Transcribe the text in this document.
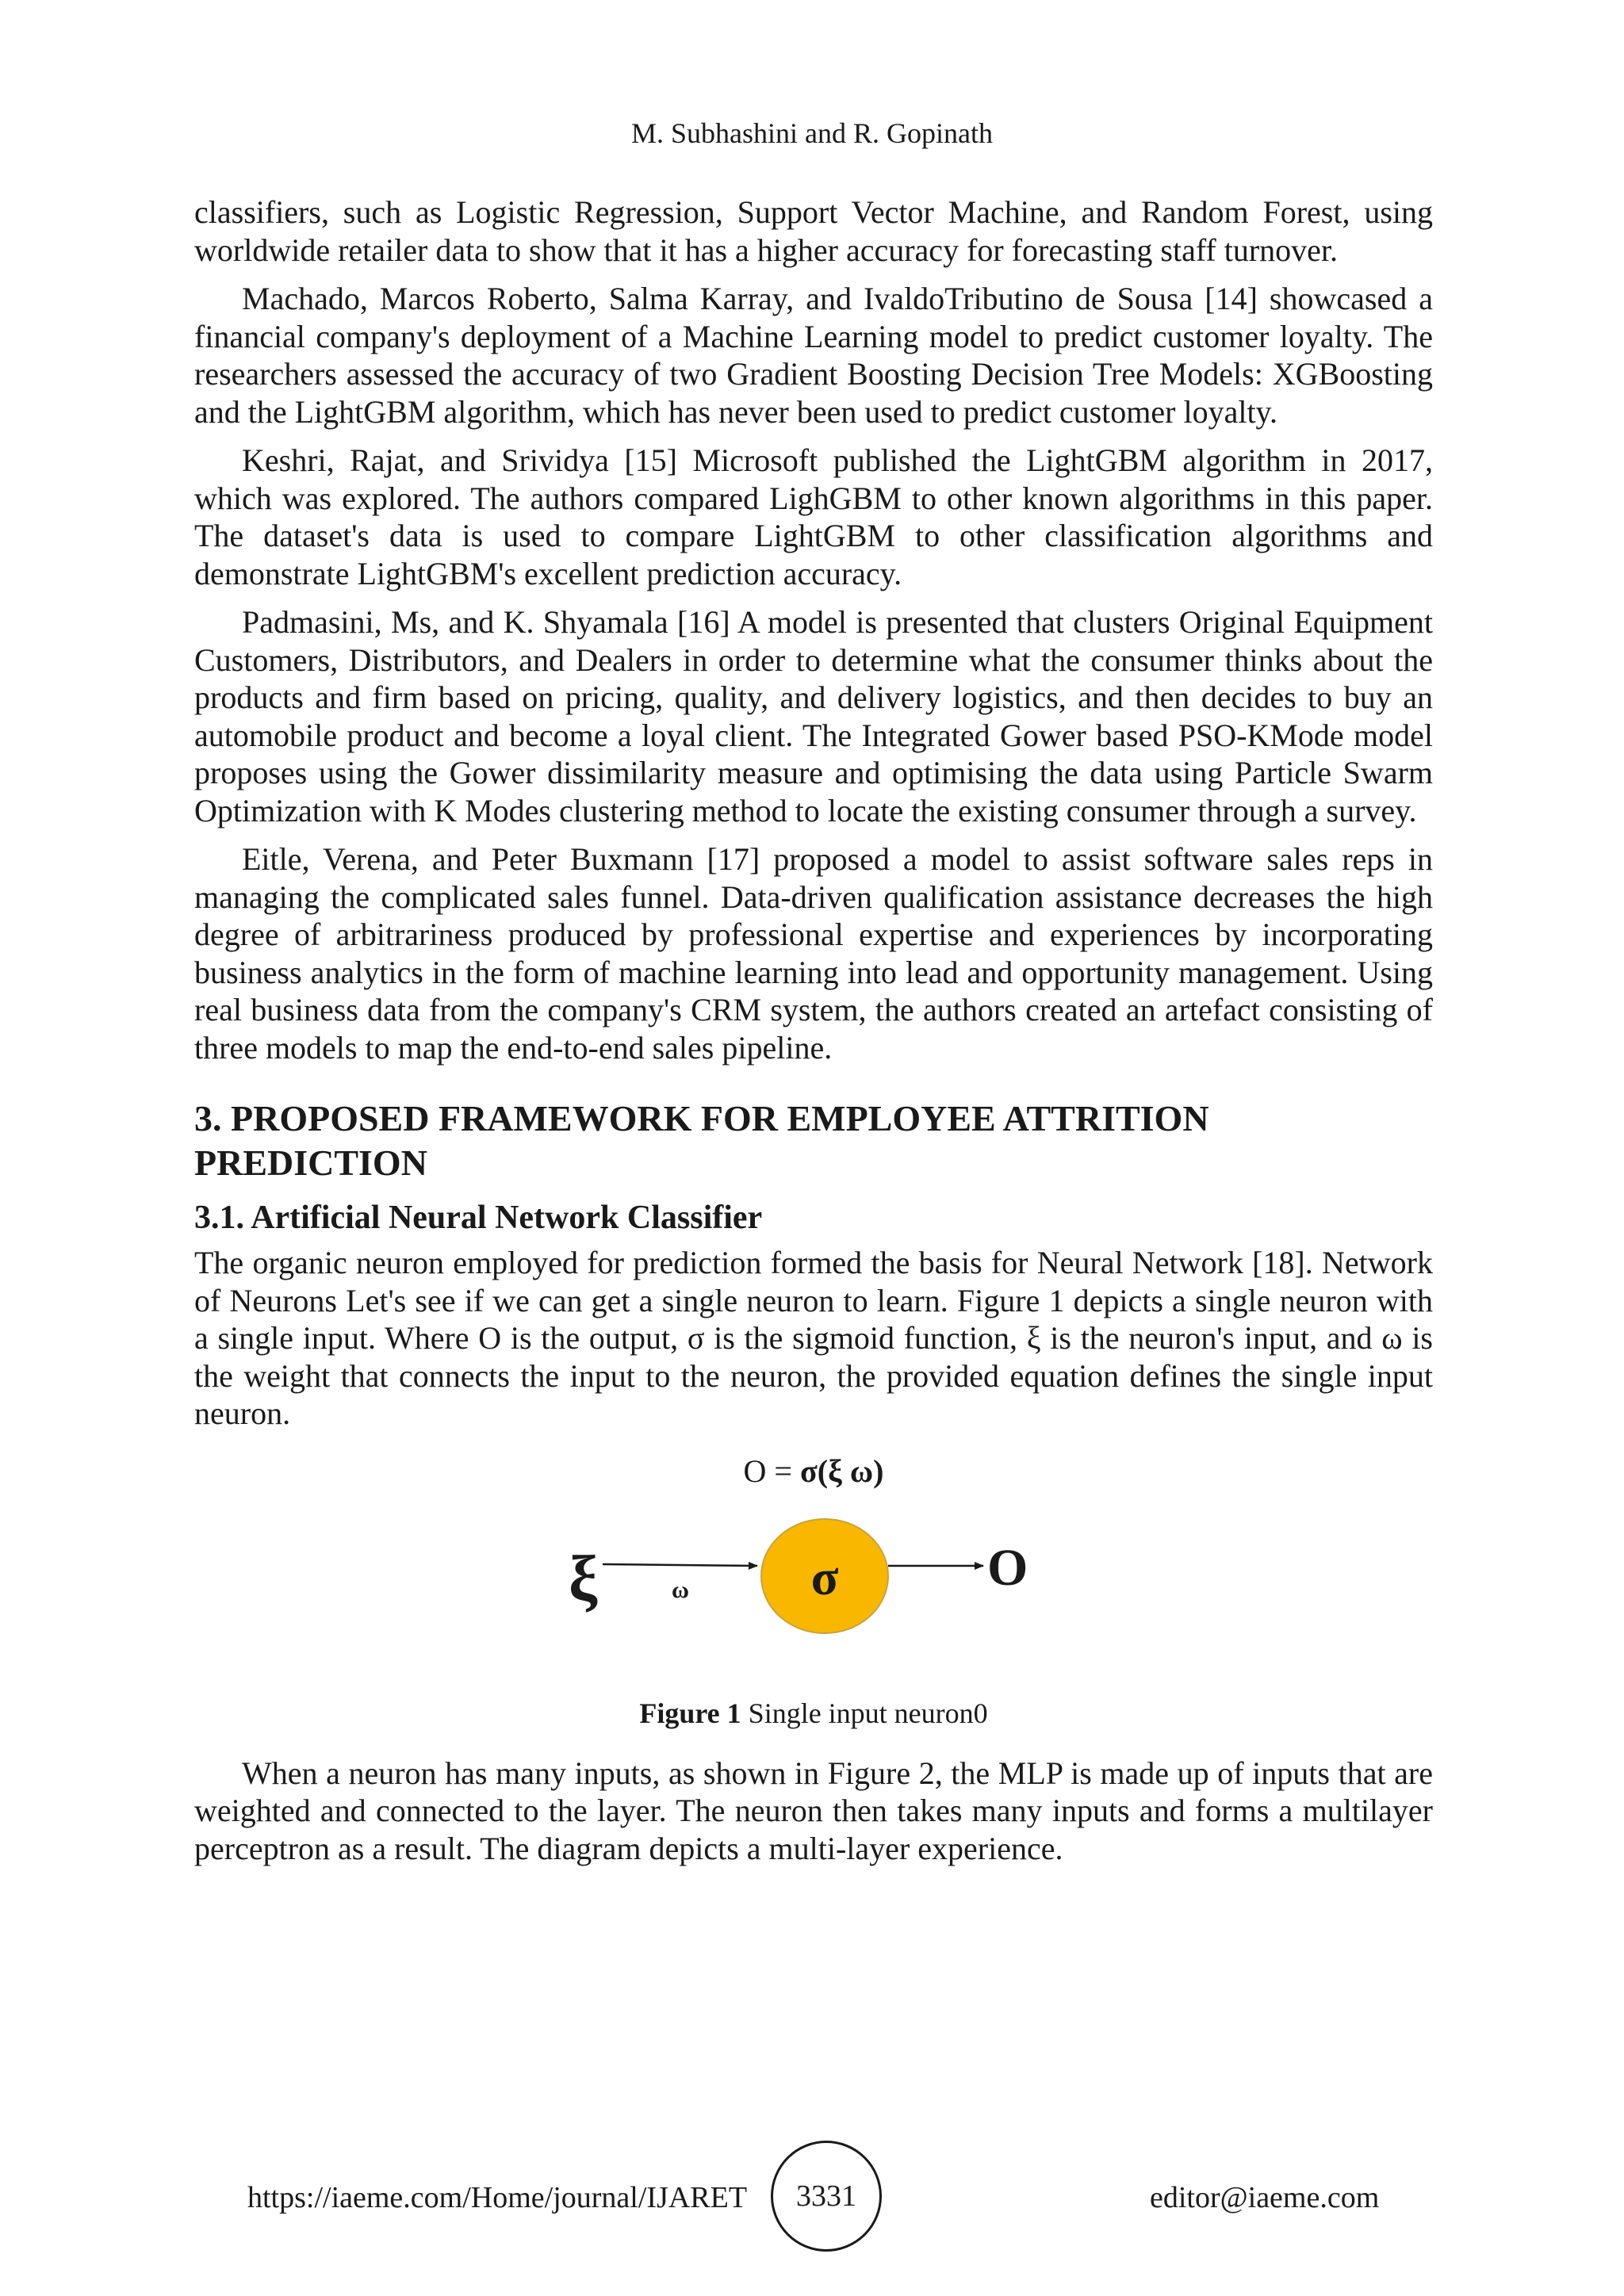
M. Subhashini and R. Gopinath

classifiers, such as Logistic Regression, Support Vector Machine, and Random Forest, using worldwide retailer data to show that it has a higher accuracy for forecasting staff turnover.

Machado, Marcos Roberto, Salma Karray, and IvaldoTributino de Sousa [14] showcased a financial company's deployment of a Machine Learning model to predict customer loyalty. The researchers assessed the accuracy of two Gradient Boosting Decision Tree Models: XGBoosting and the LightGBM algorithm, which has never been used to predict customer loyalty.

Keshri, Rajat, and Srividya [15] Microsoft published the LightGBM algorithm in 2017, which was explored. The authors compared LighGBM to other known algorithms in this paper. The dataset's data is used to compare LightGBM to other classification algorithms and demonstrate LightGBM's excellent prediction accuracy.

Padmasini, Ms, and K. Shyamala [16] A model is presented that clusters Original Equipment Customers, Distributors, and Dealers in order to determine what the consumer thinks about the products and firm based on pricing, quality, and delivery logistics, and then decides to buy an automobile product and become a loyal client. The Integrated Gower based PSO-KMode model proposes using the Gower dissimilarity measure and optimising the data using Particle Swarm Optimization with K Modes clustering method to locate the existing consumer through a survey.

Eitle, Verena, and Peter Buxmann [17] proposed a model to assist software sales reps in managing the complicated sales funnel. Data-driven qualification assistance decreases the high degree of arbitrariness produced by professional expertise and experiences by incorporating business analytics in the form of machine learning into lead and opportunity management. Using real business data from the company's CRM system, the authors created an artefact consisting of three models to map the end-to-end sales pipeline.

3. PROPOSED FRAMEWORK FOR EMPLOYEE ATTRITION PREDICTION
3.1. Artificial Neural Network Classifier

The organic neuron employed for prediction formed the basis for Neural Network [18]. Network of Neurons Let's see if we can get a single neuron to learn. Figure 1 depicts a single neuron with a single input. Where O is the output, σ is the sigmoid function, ξ is the neuron's input, and ω is the weight that connects the input to the neuron, the provided equation defines the single input neuron.

O = σ(ξ ω)
ξ	ω σ	O
Figure 1 Single input neuron0

When a neuron has many inputs, as shown in Figure 2, the MLP is made up of inputs that are weighted and connected to the layer. The neuron then takes many inputs and forms a multilayer perceptron as a result. The diagram depicts a multi-layer experience.

https://iaeme.com/Home/journal/IJARET	3331	editor@iaeme.com
